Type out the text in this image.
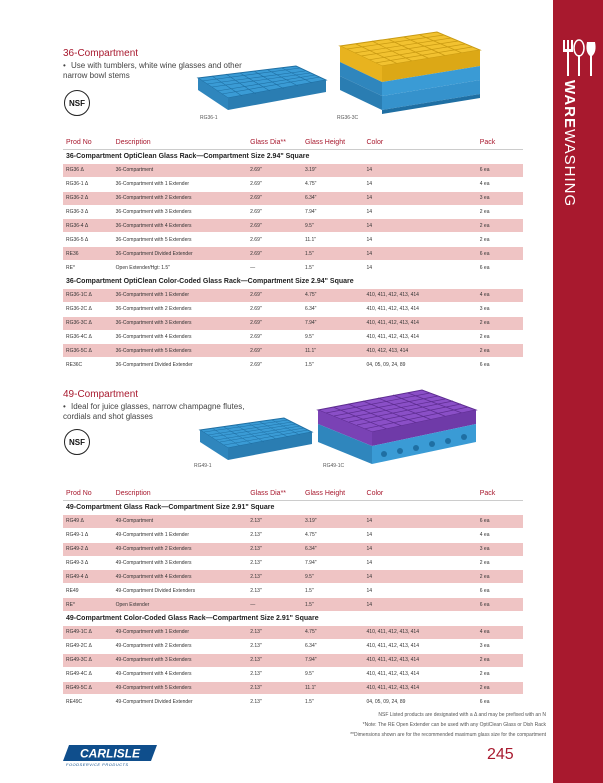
WAREWASHING
36-Compartment
• Use with tumblers, white wine glasses and other narrow bowl stems
NSF
RG36-1	RG36-3C
Prod No	Description	Glass Dia**	Glass Height	Color	Pack
36-Compartment OptiClean Glass Rack—Compartment Size 2.94" Square					
RG36 Δ	36-Compartment	2.69"	3.19"	14	6 ea
RG36-1 Δ	36-Compartment with 1 Extender	2.69"	4.75"	14	4 ea
RG36-2 Δ	36-Compartment with 2 Extenders	2.69"	6.34"	14	3 ea
RG36-3 Δ	36-Compartment with 3 Extenders	2.69"	7.94"	14	2 ea
RG36-4 Δ	36-Compartment with 4 Extenders	2.69"	9.5"	14	2 ea
RG36-5 Δ	36-Compartment with 5 Extenders	2.69"	11.1"	14	2 ea
RE36	36-Compartment Divided Extender	2.69"	1.5"	14	6 ea
RE*	Open Extender/Hgt: 1.5"	—	1.5"	14	6 ea
36-Compartment OptiClean Color-Coded Glass Rack—Compartment Size 2.94" Square					
RG36-1C Δ	36-Compartment with 1 Extender	2.69"	4.75"	410, 411, 412, 413, 414	4 ea
RG36-2C Δ	36-Compartment with 2 Extenders	2.69"	6.34"	410, 411, 412, 413, 414	3 ea
RG36-3C Δ	36-Compartment with 3 Extenders	2.69"	7.94"	410, 411, 412, 413, 414	2 ea
RG36-4C Δ	36-Compartment with 4 Extenders	2.69"	9.5"	410, 411, 412, 413, 414	2 ea
RG36-5C Δ	36-Compartment with 5 Extenders	2.69"	11.1"	410, 412, 413, 414	2 ea
RE36C	36-Compartment Divided Extender	2.69"	1.5"	04, 05, 09, 24, 89	6 ea
49-Compartment
• Ideal for juice glasses, narrow champagne flutes, cordials and shot glasses
NSF
RG49-1	RG49-1C
Prod No	Description	Glass Dia**	Glass Height	Color	Pack
49-Compartment Glass Rack—Compartment Size 2.91" Square					
RG49 Δ	49-Compartment	2.13"	3.19"	14	6 ea
RG49-1 Δ	49-Compartment with 1 Extender	2.13"	4.75"	14	4 ea
RG49-2 Δ	49-Compartment with 2 Extenders	2.13"	6.34"	14	3 ea
RG49-3 Δ	49-Compartment with 3 Extenders	2.13"	7.94"	14	2 ea
RG49-4 Δ	49-Compartment with 4 Extenders	2.13"	9.5"	14	2 ea
RE49	49-Compartment Divided Extenders	2.13"	1.5"	14	6 ea
RE*	Open Extender	—	1.5"	14	6 ea
49-Compartment Color-Coded Glass Rack—Compartment Size 2.91" Square					
RG49-1C Δ	49-Compartment with 1 Extender	2.13"	4.75"	410, 411, 412, 413, 414	4 ea
RG49-2C Δ	49-Compartment with 2 Extenders	2.13"	6.34"	410, 411, 412, 413, 414	3 ea
RG49-3C Δ	49-Compartment with 3 Extenders	2.13"	7.94"	410, 411, 412, 413, 414	2 ea
RG49-4C Δ	49-Compartment with 4 Extenders	2.13"	9.5"	410, 411, 412, 413, 414	2 ea
RG49-5C Δ	49-Compartment with 5 Extenders	2.13"	11.1"	410, 411, 412, 413, 414	2 ea
RE49C	49-Compartment Divided Extender	2.13"	1.5"	04, 05, 09, 24, 89	6 ea
NSF Listed products are designated with a Δ and may be prefixed with an N
*Note: The RE Open Extender can be used with any OptiClean Glass or Dish Rack
**Dimensions shown are for the recommended maximum glass size for the compartment
CARLISLE
FOODSERVICE PRODUCTS
245
